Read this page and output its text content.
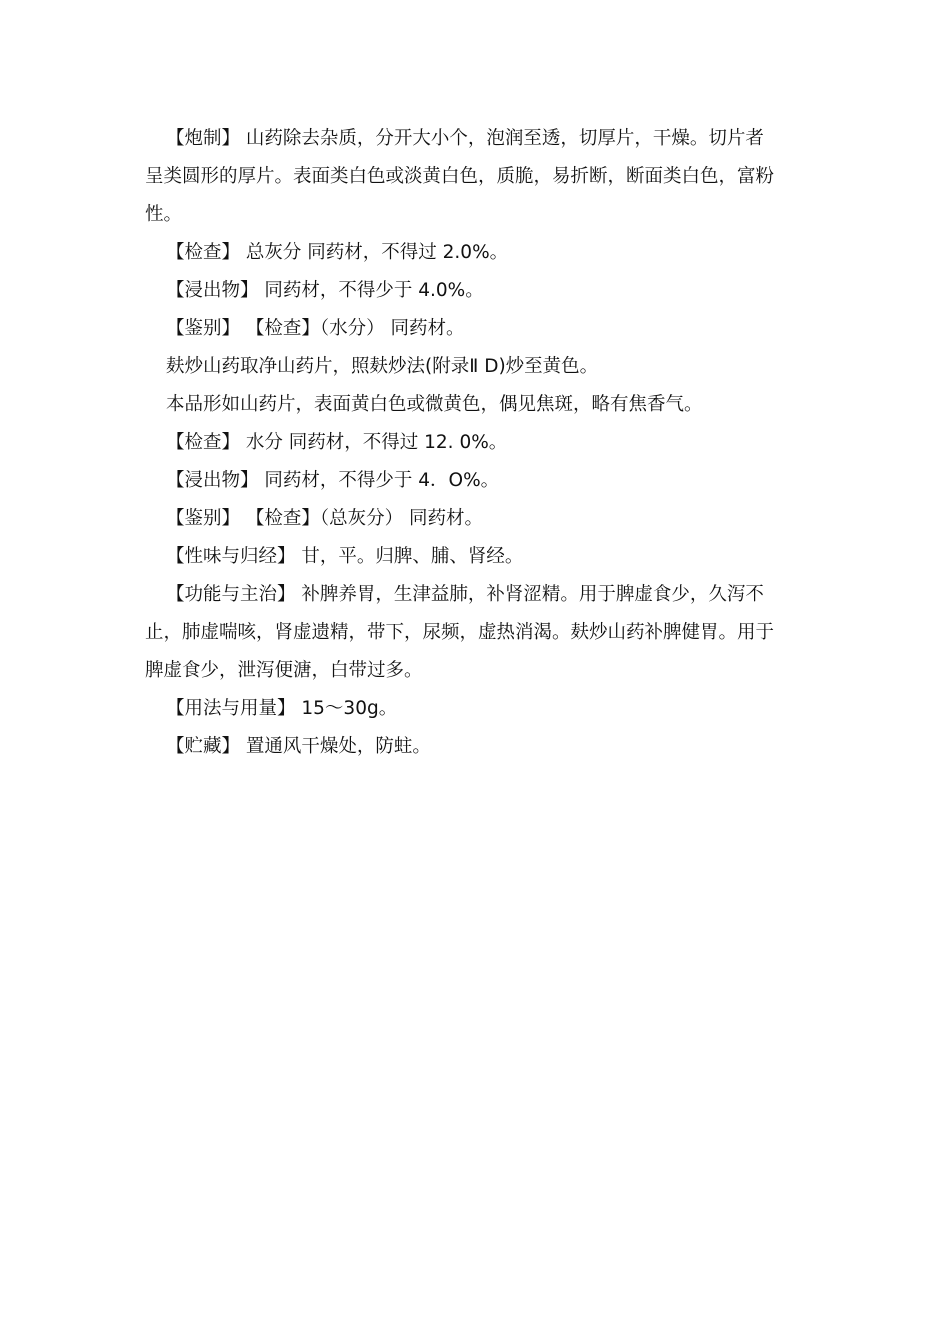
【炮制】 山药除去杂质，分开大小个，泡润至透，切厚片，干燥。切片者
呈类圆形的厚片。表面类白色或淡黄白色，质脆，易折断，断面类白色，富粉
性。
【检查】 总灰分 同药材，不得过 2.0%。
【浸出物】 同药材，不得少于 4.0%。
【鉴别】 【检查】（水分） 同药材。
麸炒山药取净山药片，照麸炒法(附录Ⅱ D)炒至黄色。
本品形如山药片，表面黄白色或微黄色，偶见焦斑，略有焦香气。
【检查】 水分 同药材，不得过 12. 0%。
【浸出物】 同药材，不得少于 4．O%。
【鉴别】 【检查】（总灰分） 同药材。
【性味与归经】 甘，平。归脾、脯、肾经。
【功能与主治】 补脾养胃，生津益肺，补肾涩精。用于脾虚食少，久泻不
止，肺虚喘咳，肾虚遗精，带下，尿频，虚热消渴。麸炒山药补脾健胃。用于
脾虚食少，泄泻便溏，白带过多。
【用法与用量】 15～30g。
【贮藏】 置通风干燥处，防蛀。
